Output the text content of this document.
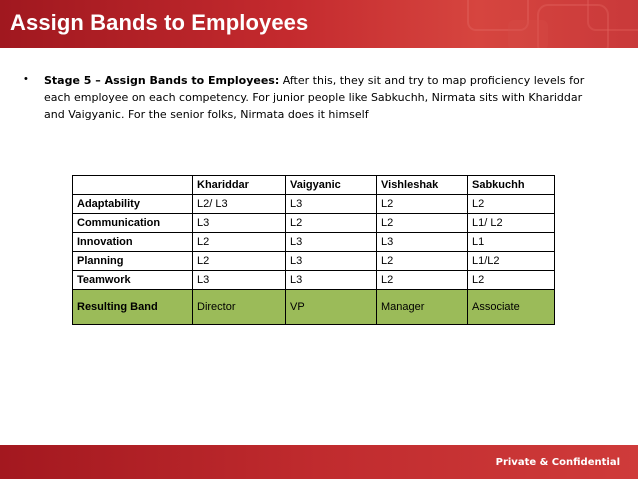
Assign Bands to Employees
• Stage 5 – Assign Bands to Employees: After this, they sit and try to map proficiency levels for each employee on each competency. For junior people like Sabkuchh, Nirmata sits with Khariddar and Vaigyanic. For the senior folks, Nirmata does it himself
	Khariddar	Vaigyanic	Vishleshak	Sabkuchh
Adaptability	L2/ L3	L3	L2	L2
Communication	L3	L2	L2	L1/ L2
Innovation	L2	L3	L3	L1
Planning	L2	L3	L2	L1/L2
Teamwork	L3	L3	L2	L2
Resulting Band	Director	VP	Manager	Associate
Private & Confidential
